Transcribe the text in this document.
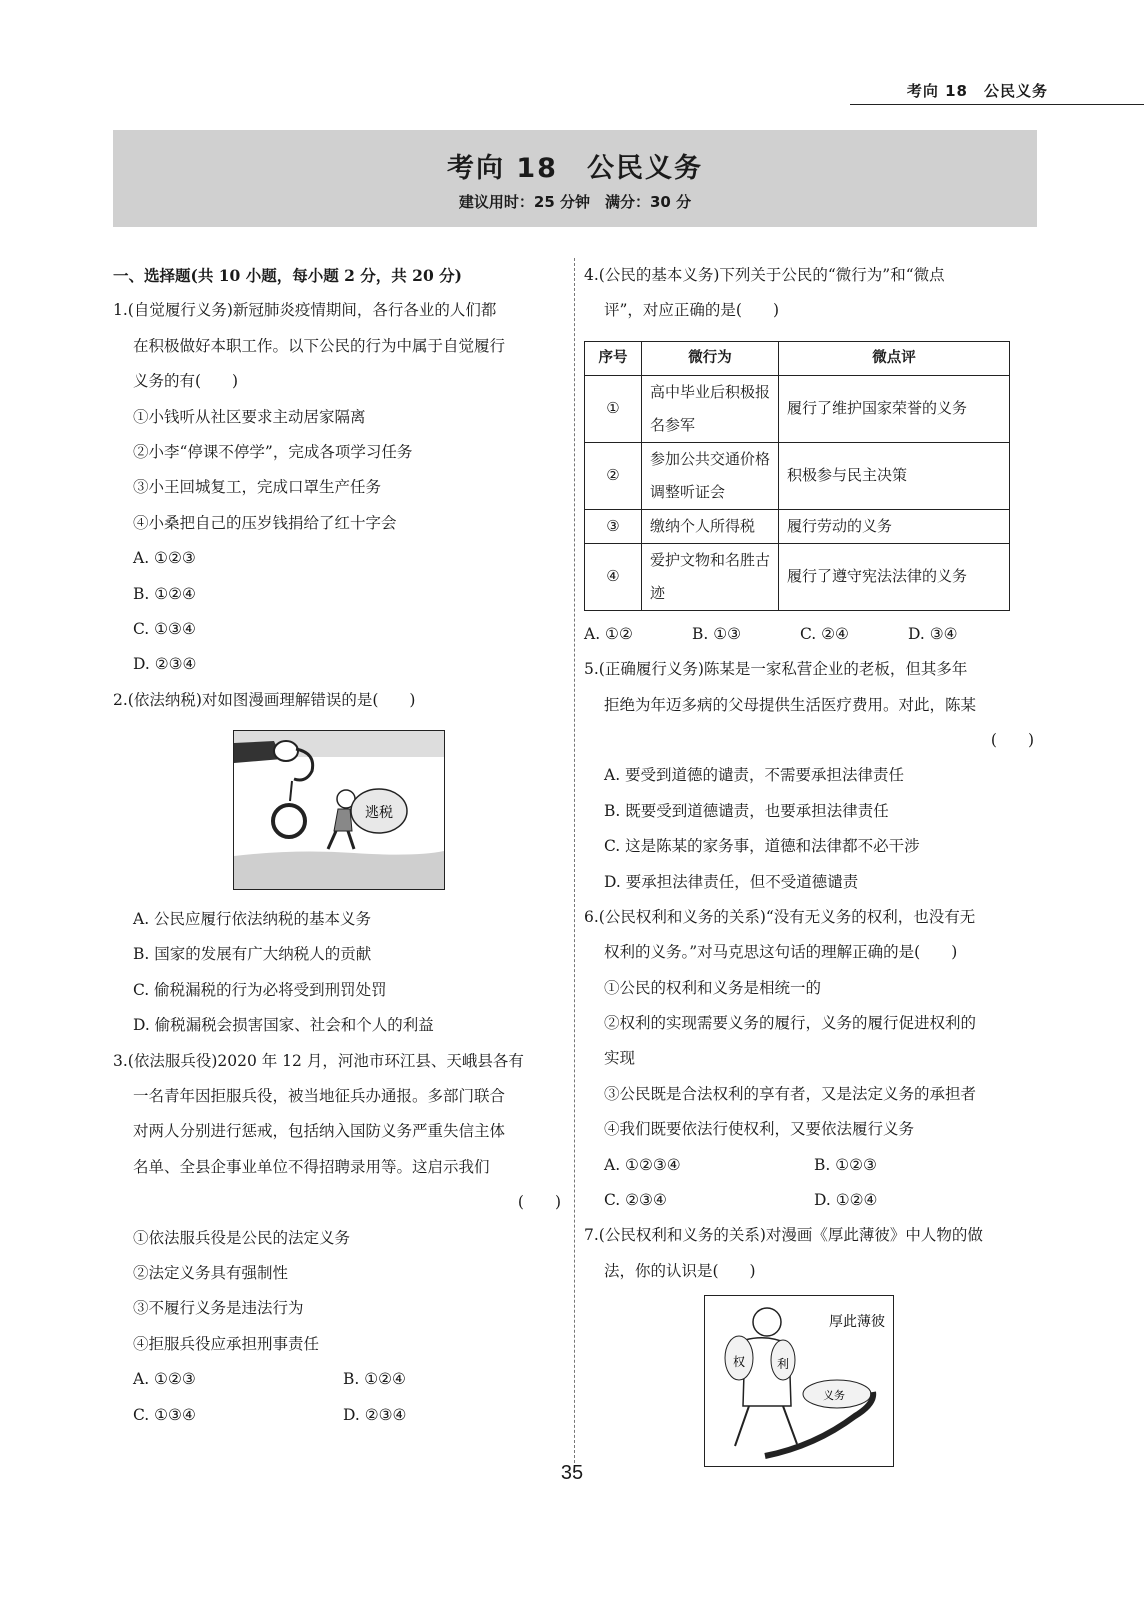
考向 18　公民义务
考向 18　公民义务
建议用时：25 分钟　满分：30 分
一、选择题(共 10 小题，每小题 2 分，共 20 分)
1.(自觉履行义务)新冠肺炎疫情期间，各行各业的人们都
在积极做好本职工作。以下公民的行为中属于自觉履行
义务的有(　　)
①小钱听从社区要求主动居家隔离
②小李“停课不停学”，完成各项学习任务
③小王回城复工，完成口罩生产任务
④小桑把自己的压岁钱捐给了红十字会
A. ①②③
B. ①②④
C. ①③④
D. ②③④
2.(依法纳税)对如图漫画理解错误的是(　　)
逃税
A. 公民应履行依法纳税的基本义务
B. 国家的发展有广大纳税人的贡献
C. 偷税漏税的行为必将受到刑罚处罚
D. 偷税漏税会损害国家、社会和个人的利益
3.(依法服兵役)2020 年 12 月，河池市环江县、天峨县各有
一名青年因拒服兵役，被当地征兵办通报。多部门联合
对两人分别进行惩戒，包括纳入国防义务严重失信主体
名单、全县企事业单位不得招聘录用等。这启示我们
(　　)
①依法服兵役是公民的法定义务
②法定义务具有强制性
③不履行义务是违法行为
④拒服兵役应承担刑事责任
A. ①②③	B. ①②④
C. ①③④	D. ②③④
4.(公民的基本义务)下列关于公民的“微行为”和“微点
评”，对应正确的是(　　)
序号	微行为	微点评
①	高中毕业后积极报名参军	履行了维护国家荣誉的义务
②	参加公共交通价格调整听证会	积极参与民主决策
③	缴纳个人所得税	履行劳动的义务
④	爱护文物和名胜古迹	履行了遵守宪法法律的义务
A. ①②	B. ①③	C. ②④	D. ③④
5.(正确履行义务)陈某是一家私营企业的老板，但其多年
拒绝为年迈多病的父母提供生活医疗费用。对此，陈某
(　　)
A. 要受到道德的谴责，不需要承担法律责任
B. 既要受到道德谴责，也要承担法律责任
C. 这是陈某的家务事，道德和法律都不必干涉
D. 要承担法律责任，但不受道德谴责
6.(公民权利和义务的关系)“没有无义务的权利，也没有无
权利的义务。”对马克思这句话的理解正确的是(　　)
①公民的权利和义务是相统一的
②权利的实现需要义务的履行，义务的履行促进权利的
实现
③公民既是合法权利的享有者，又是法定义务的承担者
④我们既要依法行使权利，又要依法履行义务
A. ①②③④	B. ①②③
C. ②③④	D. ①②④
7.(公民权利和义务的关系)对漫画《厚此薄彼》中人物的做
法，你的认识是(　　)
厚此薄彼
权	利
义务
35
